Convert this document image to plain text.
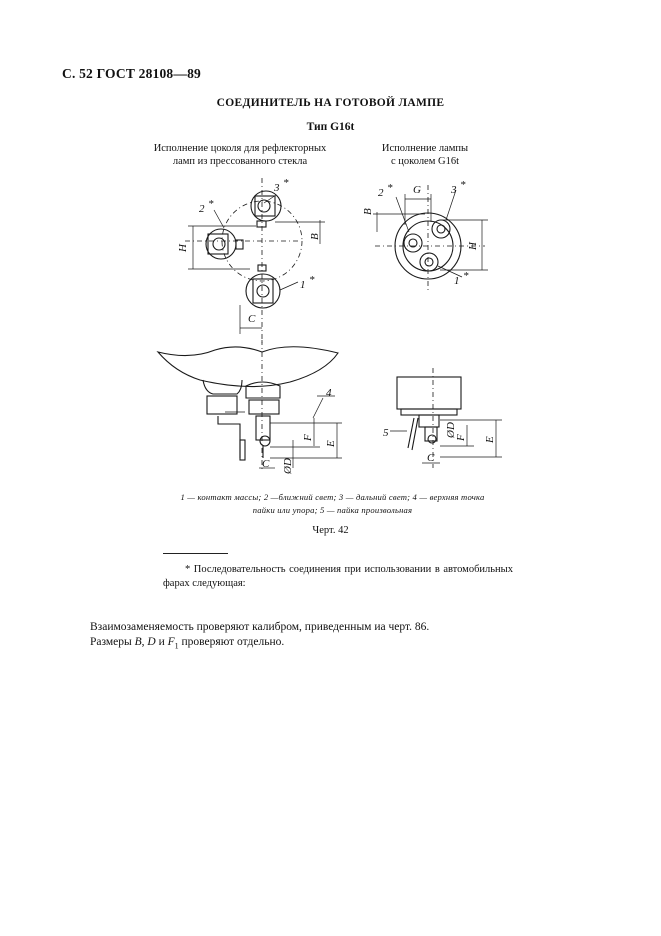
С. 52 ГОСТ 28108—89
СОЕДИНИТЕЛЬ НА ГОТОВОЙ ЛАМПЕ
Тип G16t
Исполнение цоколя для рефлекторных
ламп из прессованного стекла
Исполнение лампы
с цоколем G16t
2 *
3 *
1 *
H
B
C
2 * G	3 *
B
H
1 *
4
F
E
ØD
C
5	ØD
F E
C
1 — контакт массы; 2 —ближний свет; 3 — дальний свет; 4 — верхняя точка
пайки или упора; 5 — пайка произвольная
Черт. 42
* Последовательность соединения при использовании в автомобильных фарах следующая:
Взаимозаменяемость проверяют калибром, приведенным иа черт. 86.
Размеры B, D и $F_1$ проверяют отдельно.
